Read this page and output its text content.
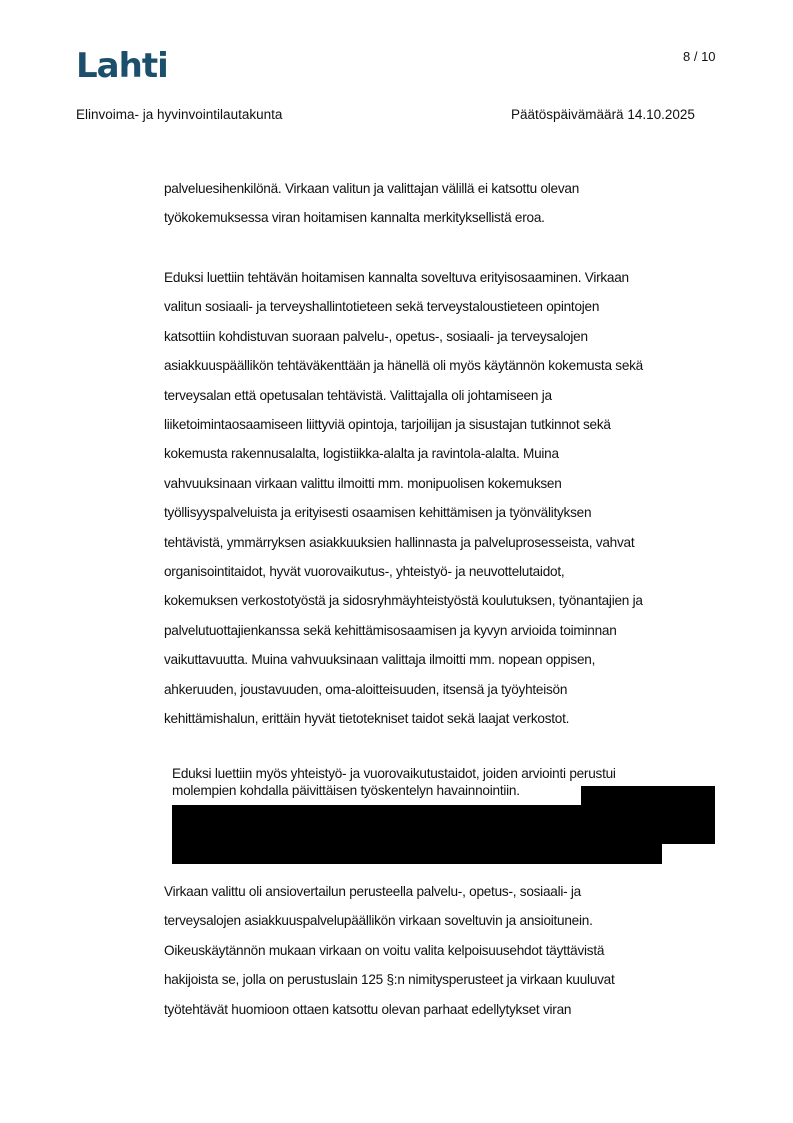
Lahti	8 / 10
Elinvoima- ja hyvinvointilautakunta	Päätöspäivämäärä 14.10.2025
palveluesihenkilönä. Virkaan valitun ja valittajan välillä ei katsottu olevan
työkokemuksessa viran hoitamisen kannalta merkityksellistä eroa.
Eduksi luettiin tehtävän hoitamisen kannalta soveltuva erityisosaaminen. Virkaan
valitun sosiaali- ja terveyshallintotieteen sekä terveystaloustieteen opintojen
katsottiin kohdistuvan suoraan palvelu-, opetus-, sosiaali- ja terveysalojen
asiakkuuspäällikön tehtäväkenttään ja hänellä oli myös käytännön kokemusta sekä
terveysalan että opetusalan tehtävistä. Valittajalla oli johtamiseen ja
liiketoimintaosaamiseen liittyviä opintoja, tarjoilijan ja sisustajan tutkinnot sekä
kokemusta rakennusalalta, logistiikka-alalta ja ravintola-alalta. Muina
vahvuuksinaan virkaan valittu ilmoitti mm. monipuolisen kokemuksen
työllisyyspalveluista ja erityisesti osaamisen kehittämisen ja työnvälityksen
tehtävistä, ymmärryksen asiakkuuksien hallinnasta ja palveluprosesseista, vahvat
organisointitaidot, hyvät vuorovaikutus-, yhteistyö- ja neuvottelutaidot,
kokemuksen verkostotyöstä ja sidosryhmäyhteistyöstä koulutuksen, työnantajien ja
palvelutuottajienkanssa sekä kehittämisosaamisen ja kyvyn arvioida toiminnan
vaikuttavuutta. Muina vahvuuksinaan valittaja ilmoitti mm. nopean oppisen,
ahkeruuden, joustavuuden, oma-aloitteisuuden, itsensä ja työyhteisön
kehittämishalun, erittäin hyvät tietotekniset taidot sekä laajat verkostot.
Eduksi luettiin myös yhteistyö- ja vuorovaikutustaidot, joiden arviointi perustui
molempien kohdalla päivittäisen työskentelyn havainnointiin.
Virkaan valittu oli ansiovertailun perusteella palvelu-, opetus-, sosiaali- ja
terveysalojen asiakkuuspalvelupäällikön virkaan soveltuvin ja ansioitunein.
Oikeuskäytännön mukaan virkaan on voitu valita kelpoisuusehdot täyttävistä
hakijoista se, jolla on perustuslain 125 §:n nimitysperusteet ja virkaan kuuluvat
työtehtävät huomioon ottaen katsottu olevan parhaat edellytykset viran
